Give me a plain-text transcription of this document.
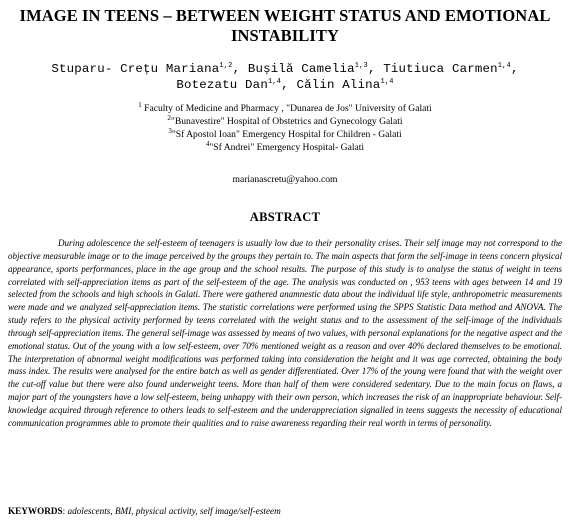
IMAGE IN TEENS – BETWEEN WEIGHT STATUS AND EMOTIONAL
INSTABILITY
Stuparu- Crețu Mariana$^{1,2}$, Bușilă Camelia$^{1,3}$, Tiutiuca Carmen$^{1,4}$,
Botezatu Dan$^{1,4}$, Călin Alina$^{1,4}$
$^1$ Faculty of Medicine and Pharmacy , "Dunarea de Jos" University of Galati
$^2$"Bunavestire" Hospital of Obstetrics and Gynecology Galati
$^3$"Sf Apostol Ioan" Emergency Hospital for Children - Galati
$^4$"Sf Andrei" Emergency Hospital- Galati
marianascretu@yahoo.com
ABSTRACT

During adolescence the self-esteem of teenagers is usually low due to their personality crises. Their self image may not correspond to the objective measurable image or to the image perceived by the groups they pertain to. The main aspects that form the self-image in teens concern physical appearance, sports performances, place in the age group and the school results. The purpose of this study is to analyse the status of weight in teens correlated with self-appreciation items as part of the self-esteem of the age. The analysis was conducted on , 953 teens with ages between 14 and 19 selected from the schools and high schools in Galati. There were gathered anamnestic data about the individual life style, anthropometric measurements were made and we analyzed self-appreciation items. The statistic correlations were performed using the SPPS Statistic Data method and ANOVA. The study refers to the physical activity performed by teens correlated with the weight status and to the assessment of the self-image of the individuals through self-appreciation items. The general self-image was assessed by means of two values, with personal explanations for the negative aspect and the emotional status. Out of the young with a low self-esteem, over 70% mentioned weight as a reason and over 40% declared themselves to be emotional. The interpretation of abnormal weight modifications was performed taking into consideration the height and it was age corrected, obtaining the body mass index. The results were analysed for the entire batch as well as gender differentiated. Over 17% of the young were found that with the weight over the cut-off value but there were also found underweight teens. More than half of them were considered sedentary. Due to the main focus on flaws, a major part of the youngsters have a low self-esteem, being unhappy with their own person, which increases the risk of an inappropriate behaviour. Self-knowledge acquired through reference to others leads to self-esteem and the underappreciation signalled in teens suggests the necessity of educational communication programmes able to promote their qualities and to raise awareness regarding their real worth in terms of personality.

KEYWORDS: adolescents, BMI, physical activity, self image/self-esteem
